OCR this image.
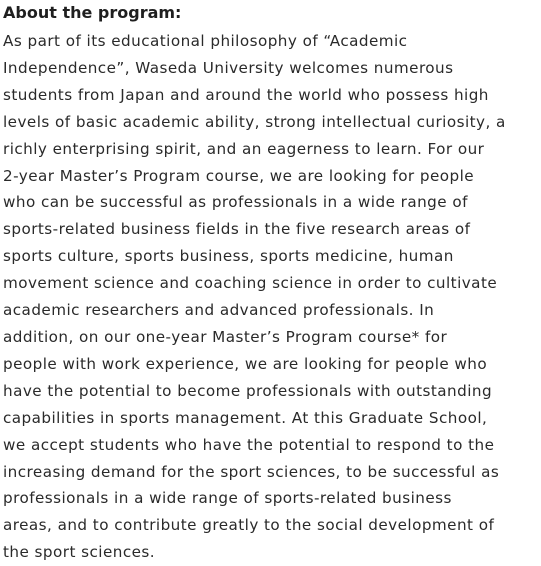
About the program:

As part of its educational philosophy of “Academic
Independence”, Waseda University welcomes numerous
students from Japan and around the world who possess high
levels of basic academic ability, strong intellectual curiosity, a
richly enterprising spirit, and an eagerness to learn. For our
2-year Master’s Program course, we are looking for people
who can be successful as professionals in a wide range of
sports-related business fields in the five research areas of
sports culture, sports business, sports medicine, human
movement science and coaching science in order to cultivate
academic researchers and advanced professionals. In
addition, on our one-year Master’s Program course* for
people with work experience, we are looking for people who
have the potential to become professionals with outstanding
capabilities in sports management. At this Graduate School,
we accept students who have the potential to respond to the
increasing demand for the sport sciences, to be successful as
professionals in a wide range of sports-related business
areas, and to contribute greatly to the social development of
the sport sciences.
